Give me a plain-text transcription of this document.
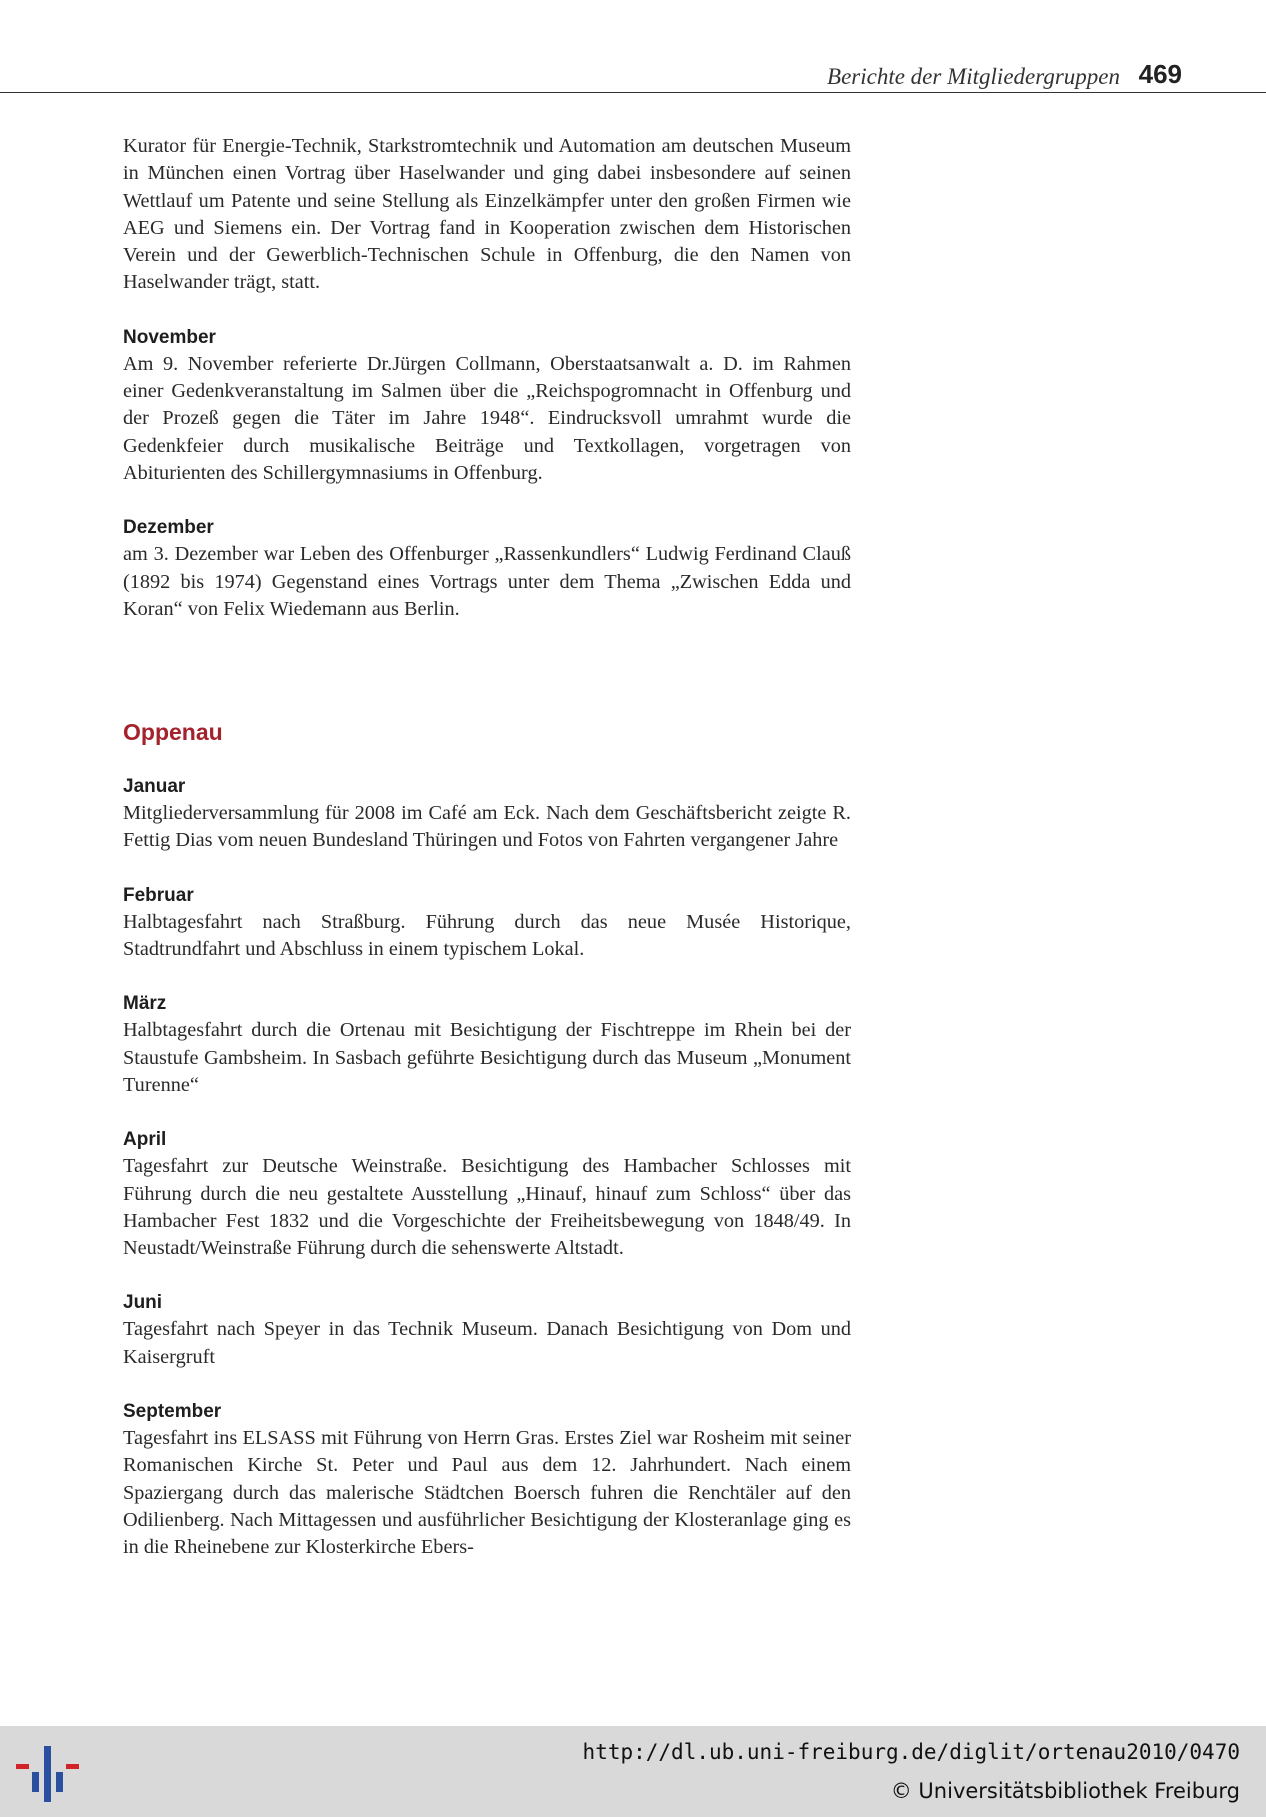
Berichte der Mitgliedergruppen 469

Kurator für Energie-Technik, Starkstromtechnik und Automation am deutschen Museum in München einen Vortrag über Haselwander und ging dabei insbesondere auf seinen Wettlauf um Patente und seine Stellung als Einzelkämpfer unter den großen Firmen wie AEG und Siemens ein. Der Vortrag fand in Kooperation zwischen dem Historischen Verein und der Gewerblich-Technischen Schule in Offenburg, die den Namen von Haselwander trägt, statt.

November

Am 9. November referierte Dr.Jürgen Collmann, Oberstaatsanwalt a. D. im Rahmen einer Gedenkveranstaltung im Salmen über die „Reichspogromnacht in Offenburg und der Prozeß gegen die Täter im Jahre 1948“. Eindrucksvoll umrahmt wurde die Gedenkfeier durch musikalische Beiträge und Textkollagen, vorgetragen von Abiturienten des Schillergymnasiums in Offenburg.

Dezember

am 3. Dezember war Leben des Offenburger „Rassenkundlers“ Ludwig Ferdinand Clauß (1892 bis 1974) Gegenstand eines Vortrags unter dem Thema „Zwischen Edda und Koran“ von Felix Wiedemann aus Berlin.

Oppenau

Januar

Mitgliederversammlung für 2008 im Café am Eck. Nach dem Geschäftsbericht zeigte R. Fettig Dias vom neuen Bundesland Thüringen und Fotos von Fahrten vergangener Jahre

Februar

Halbtagesfahrt nach Straßburg. Führung durch das neue Musée Historique, Stadtrundfahrt und Abschluss in einem typischem Lokal.

März

Halbtagesfahrt durch die Ortenau mit Besichtigung der Fischtreppe im Rhein bei der Staustufe Gambsheim. In Sasbach geführte Besichtigung durch das Museum „Monument Turenne“

April

Tagesfahrt zur Deutsche Weinstraße. Besichtigung des Hambacher Schlosses mit Führung durch die neu gestaltete Ausstellung „Hinauf, hinauf zum Schloss“ über das Hambacher Fest 1832 und die Vorgeschichte der Freiheitsbewegung von 1848/49. In Neustadt/Weinstraße Führung durch die sehenswerte Altstadt.

Juni

Tagesfahrt nach Speyer in das Technik Museum. Danach Besichtigung von Dom und Kaisergruft

September

Tagesfahrt ins ELSASS mit Führung von Herrn Gras. Erstes Ziel war Rosheim mit seiner Romanischen Kirche St. Peter und Paul aus dem 12. Jahrhundert. Nach einem Spaziergang durch das malerische Städtchen Boersch fuhren die Renchtäler auf den Odilienberg. Nach Mittagessen und ausführlicher Besichtigung der Klosteranlage ging es in die Rheinebene zur Klosterkirche Ebers-

http://dl.ub.uni-freiburg.de/diglit/ortenau2010/0470
© Universitätsbibliothek Freiburg
